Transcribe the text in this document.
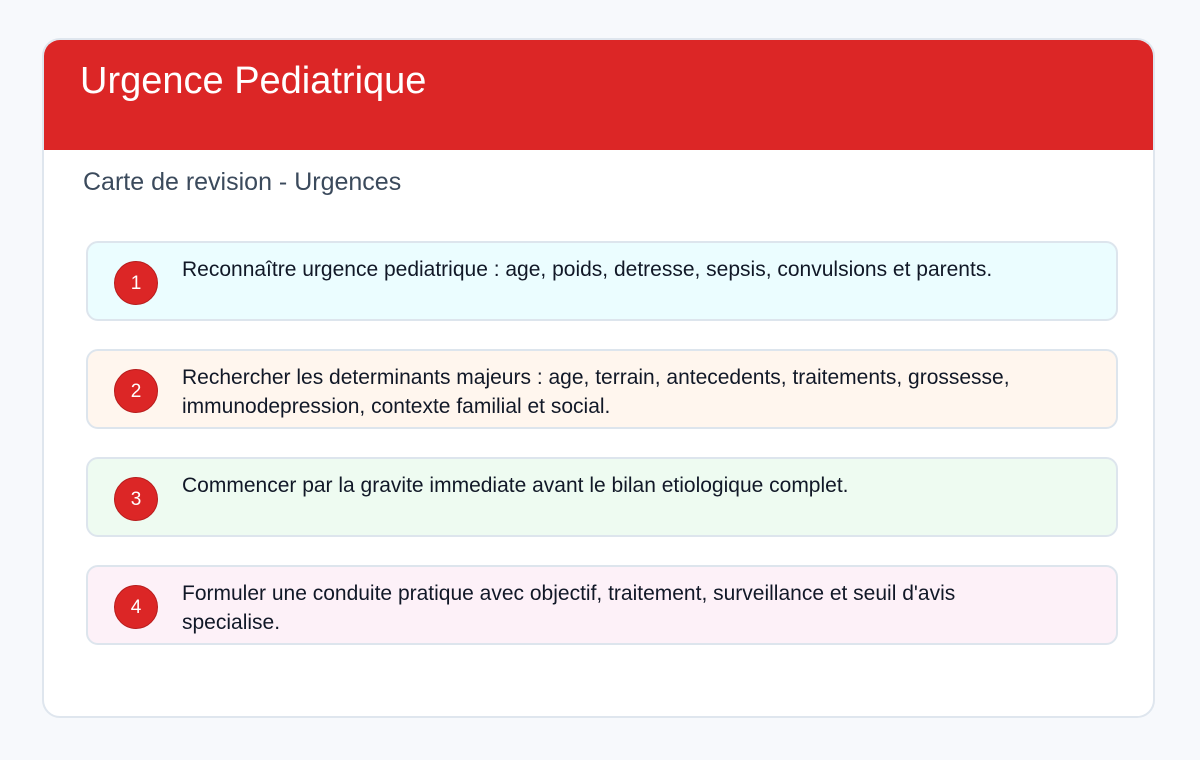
Urgence Pediatrique
Carte de revision - Urgences
1
Reconnaître urgence pediatrique : age, poids, detresse, sepsis, convulsions et parents.
2
Rechercher les determinants majeurs : age, terrain, antecedents, traitements, grossesse, immunodepression, contexte familial et social.
3
Commencer par la gravite immediate avant le bilan etiologique complet.
4
Formuler une conduite pratique avec objectif, traitement, surveillance et seuil d'avis specialise.
